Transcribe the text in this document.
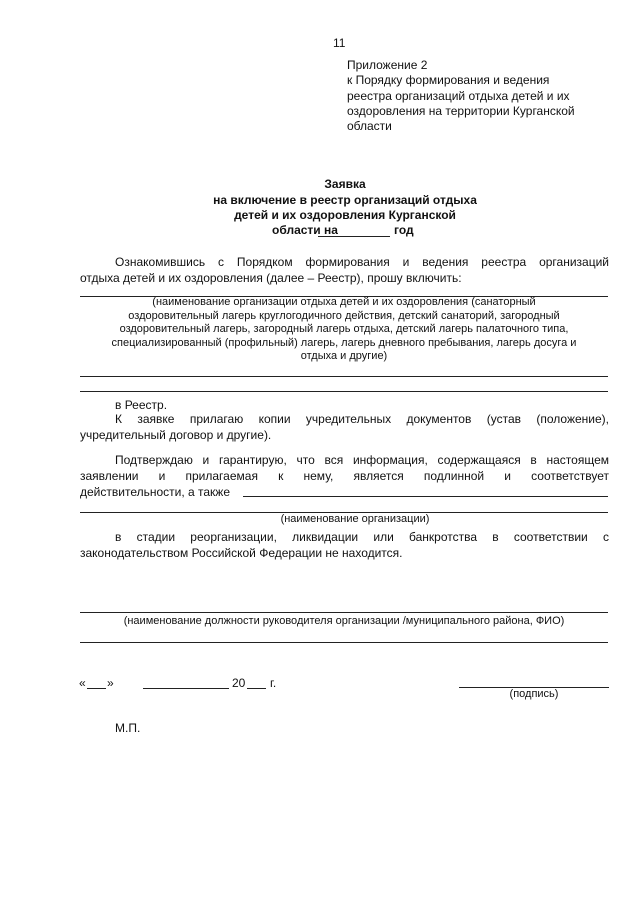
11
Приложение 2
к Порядку формирования и ведения
реестра организаций отдыха детей и их
оздоровления на территории Курганской
области
Заявка
на включение в реестр организаций отдыха
детей и их оздоровления Курганской
области на	год
Ознакомившись с Порядком формирования и ведения реестра организаций
отдыха детей и их оздоровления (далее – Реестр), прошу включить:
(наименование организации отдыха детей и их оздоровления (санаторный
оздоровительный лагерь круглогодичного действия, детский санаторий, загородный
оздоровительный лагерь, загородный лагерь отдыха, детский лагерь палаточного типа,
специализированный (профильный) лагерь, лагерь дневного пребывания, лагерь досуга и
отдыха и другие)
в Реестр.
К заявке прилагаю копии учредительных документов (устав (положение),
учредительный договор и другие).
Подтверждаю и гарантирую, что вся информация, содержащаяся в настоящем
заявлении и прилагаемая к нему, является подлинной и соответствует
действительности, а также
(наименование организации)
в стадии реорганизации, ликвидации или банкротства в соответствии с
законодательством Российской Федерации не находится.
(наименование должности руководителя организации /муниципального района, ФИО)
« »	20 г.
(подпись)
М.П.
